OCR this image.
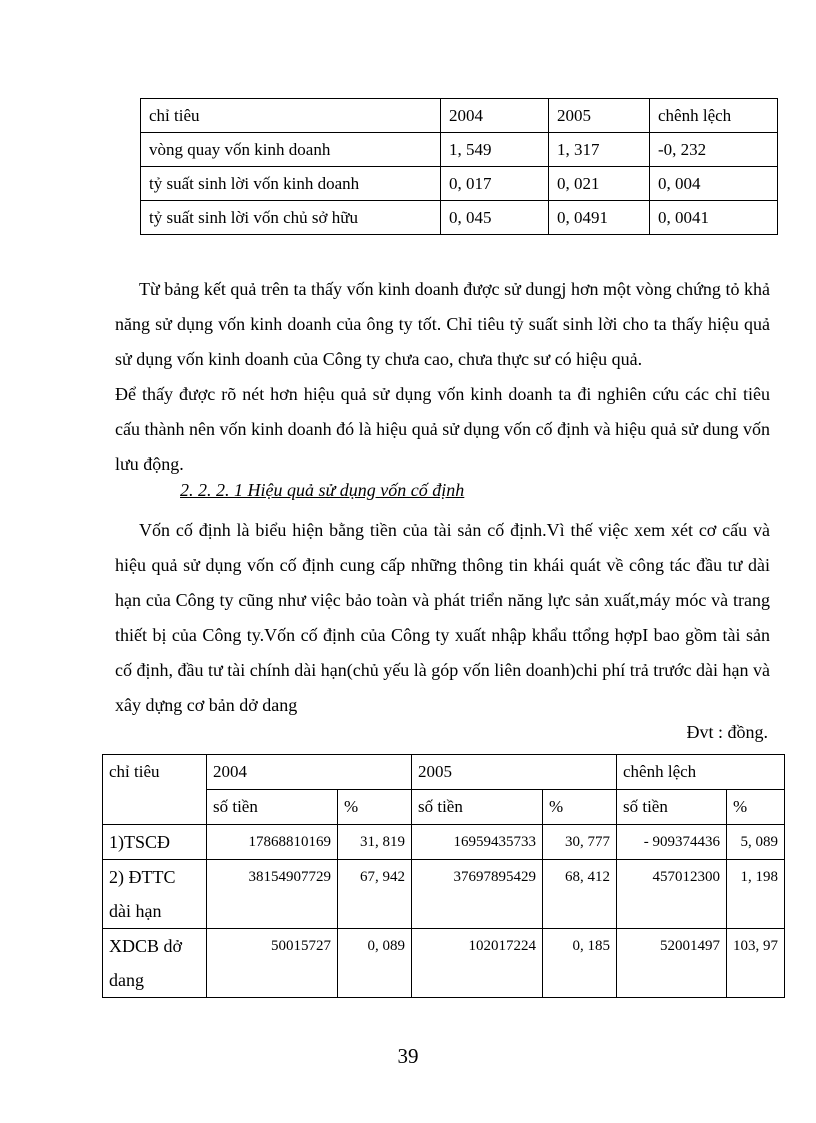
chỉ tiêu	2004	2005	chênh lệch
vòng quay vốn kinh doanh	1, 549	1, 317	-0, 232
tỷ suất sinh lời vốn kinh doanh	0, 017	0, 021	0, 004
tỷ suất sinh lời vốn chủ sở hữu	0, 045	0, 0491	0, 0041

Từ bảng kết quả trên ta thấy vốn kinh doanh được sử dungj hơn một vòng chứng tỏ khả năng sử dụng vốn kinh doanh của ông ty tốt. Chỉ tiêu tỷ suất sinh lời cho ta thấy hiệu quả sử dụng vốn kinh doanh của Công ty chưa cao, chưa thực sư có hiệu quả.

Để thấy được rõ nét hơn hiệu quả sử dụng vốn kinh doanh ta đi nghiên cứu các chỉ tiêu cấu thành nên vốn kinh doanh đó là hiệu quả sử dụng vốn cố định và hiệu quả sử dung vốn lưu động.

2. 2. 2. 1 Hiệu quả sử dụng vốn cố định

Vốn cố định là biểu hiện bằng tiền của tài sản cố định.Vì thế việc xem xét cơ cấu và hiệu quả sử dụng vốn cố định cung cấp những thông tin khái quát về công tác đầu tư dài hạn của Công ty cũng như việc bảo toàn và phát triển năng lực sản xuất,máy móc và trang thiết bị của Công ty.Vốn cố định của Công ty xuất nhập khẩu ttổng hợpI bao gồm tài sản cố định, đầu tư tài chính dài hạn(chủ yếu là góp vốn liên doanh)chi phí trả trước dài hạn và xây dựng cơ bản dở dang

Đvt : đồng.

chỉ tiêu	2004		2005		chênh lệch	
	số tiền	%	số tiền	%	số tiền	%
1)TSCĐ	17868810169	31, 819	16959435733	30, 777	- 909374436	5, 089
2) ĐTTC dài hạn	38154907729	67, 942	37697895429	68, 412	457012300	1, 198
XDCB dở dang	50015727	0, 089	102017224	0, 185	52001497	103, 97

39
